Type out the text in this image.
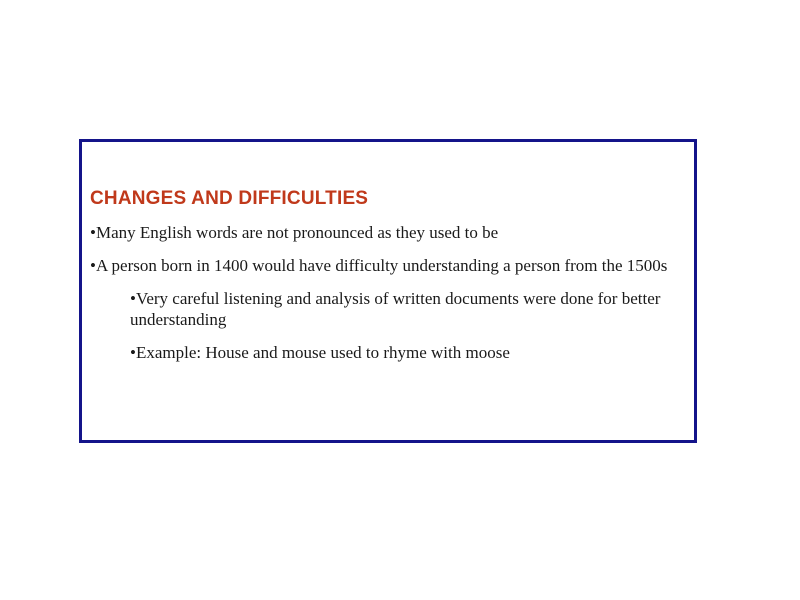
CHANGES AND DIFFICULTIES
•Many English words are not pronounced as they used to be
•A person born in 1400 would have difficulty understanding a person from the 1500s
•Very careful listening and analysis of written documents were done for better understanding
•Example: House and mouse used to rhyme with moose
